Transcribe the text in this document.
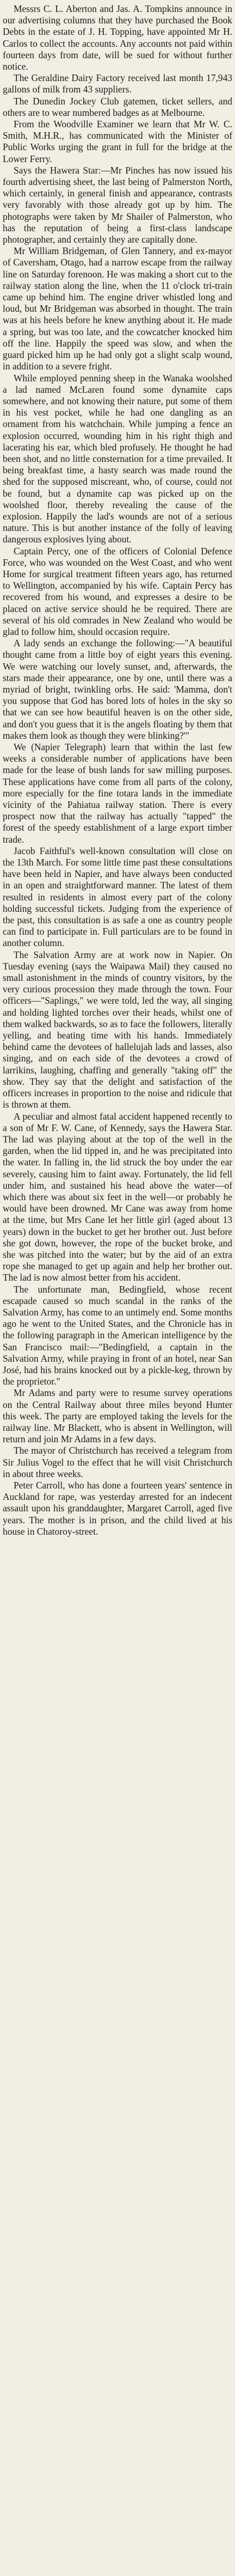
Messrs C. L. Aberton and Jas. A. Tompkins announce in our advertising columns that they have purchased the Book Debts in the estate of J. H. Topping, have appointed Mr H. Carlos to collect the accounts. Any accounts not paid within fourteen days from date, will be sued for without further notice.

The Geraldine Dairy Factory received last month 17,943 gallons of milk from 43 suppliers.

The Dunedin Jockey Club gatemen, ticket sellers, and others are to wear numbered badges as at Melbourne.

From the Woodville Examiner we learn that Mr W. C. Smith, M.H.R., has communicated with the Minister of Public Works urging the grant in full for the bridge at the Lower Ferry.

Says the Hawera Star:—Mr Pinches has now issued his fourth advertising sheet, the last being of Palmerston North, which certainly, in general finish and appearance, contrasts very favorably with those already got up by him. The photographs were taken by Mr Shailer of Palmerston, who has the reputation of being a first-class landscape photographer, and certainly they are capitally done.

Mr William Bridgeman, of Glen Tannery, and ex-mayor of Caversham, Otago, had a narrow escape from the railway line on Saturday forenoon. He was making a short cut to the railway station along the line, when the 11 o'clock tri-train came up behind him. The engine driver whistled long and loud, but Mr Bridgeman was absorbed in thought. The train was at his heels before he knew anything about it. He made a spring, but was too late, and the cowcatcher knocked him off the line. Happily the speed was slow, and when the guard picked him up he had only got a slight scalp wound, in addition to a severe fright.

While employed penning sheep in the Wanaka woolshed a lad named McLaren found some dynamite caps somewhere, and not knowing their nature, put some of them in his vest pocket, while he had one dangling as an ornament from his watchchain. While jumping a fence an explosion occurred, wounding him in his right thigh and lacerating his ear, which bled profusely. He thought he had been shot, and no little consternation for a time prevailed. It being breakfast time, a hasty search was made round the shed for the supposed miscreant, who, of course, could not be found, but a dynamite cap was picked up on the woolshed floor, thereby revealing the cause of the explosion. Happily the lad's wounds are not of a serious nature. This is but another instance of the folly of leaving dangerous explosives lying about.

Captain Percy, one of the officers of Colonial Defence Force, who was wounded on the West Coast, and who went Home for surgical treatment fifteen years ago, has returned to Wellington, accompanied by his wife. Captain Percy has recovered from his wound, and expresses a desire to be placed on active service should he be required. There are several of his old comrades in New Zealand who would be glad to follow him, should occasion require.

A lady sends an exchange the following:—"A beautiful thought came from a little boy of eight years this evening. We were watching our lovely sunset, and, afterwards, the stars made their appearance, one by one, until there was a myriad of bright, twinkling orbs. He said: 'Mamma, don't you suppose that God has bored lots of holes in the sky so that we can see how beautiful heaven is on the other side, and don't you guess that it is the angels floating by them that makes them look as though they were blinking?'"

We (Napier Telegraph) learn that within the last few weeks a considerable number of applications have been made for the lease of bush lands for saw milling purposes. These applications have come from all parts of the colony, more especially for the fine totara lands in the immediate vicinity of the Pahiatua railway station. There is every prospect now that the railway has actually "tapped" the forest of the speedy establishment of a large export timber trade.

Jacob Faithful's well-known consultation will close on the 13th March. For some little time past these consultations have been held in Napier, and have always been conducted in an open and straightforward manner. The latest of them resulted in residents in almost every part of the colony holding successful tickets. Judging from the experience of the past, this consultation is as safe a one as country people can find to participate in. Full particulars are to be found in another column.

The Salvation Army are at work now in Napier. On Tuesday evening (says the Waipawa Mail) they caused no small astonishment in the minds of country visitors, by the very curious procession they made through the town. Four officers—"Saplings," we were told, led the way, all singing and holding lighted torches over their heads, whilst one of them walked backwards, so as to face the followers, literally yelling, and beating time with his hands. Immediately behind came the devotees of hallelujah lads and lasses, also singing, and on each side of the devotees a crowd of larrikins, laughing, chaffing and generally "taking off" the show. They say that the delight and satisfaction of the officers increases in proportion to the noise and ridicule that is thrown at them.

A peculiar and almost fatal accident happened recently to a son of Mr F. W. Cane, of Kennedy, says the Hawera Star. The lad was playing about at the top of the well in the garden, when the lid tipped in, and he was precipitated into the water. In falling in, the lid struck the boy under the ear severely, causing him to faint away. Fortunately, the lid fell under him, and sustained his head above the water—of which there was about six feet in the well—or probably he would have been drowned. Mr Cane was away from home at the time, but Mrs Cane let her little girl (aged about 13 years) down in the bucket to get her brother out. Just before she got down, however, the rope of the bucket broke, and she was pitched into the water; but by the aid of an extra rope she managed to get up again and help her brother out. The lad is now almost better from his accident.

The unfortunate man, Bedingfield, whose recent escapade caused so much scandal in the ranks of the Salvation Army, has come to an untimely end. Some months ago he went to the United States, and the Chronicle has in the following paragraph in the American intelligence by the San Francisco mail:—"Bedingfield, a captain in the Salvation Army, while praying in front of an hotel, near San José, had his brains knocked out by a pickle-keg, thrown by the proprietor."

Mr Adams and party were to resume survey operations on the Central Railway about three miles beyond Hunter this week. The party are employed taking the levels for the railway line. Mr Blackett, who is absent in Wellington, will return and join Mr Adams in a few days.

The mayor of Christchurch has received a telegram from Sir Julius Vogel to the effect that he will visit Christchurch in about three weeks.

Peter Carroll, who has done a fourteen years' sentence in Auckland for rape, was yesterday arrested for an indecent assault upon his granddaughter, Margaret Carroll, aged five years. The mother is in prison, and the child lived at his house in Chatoroy-street.
